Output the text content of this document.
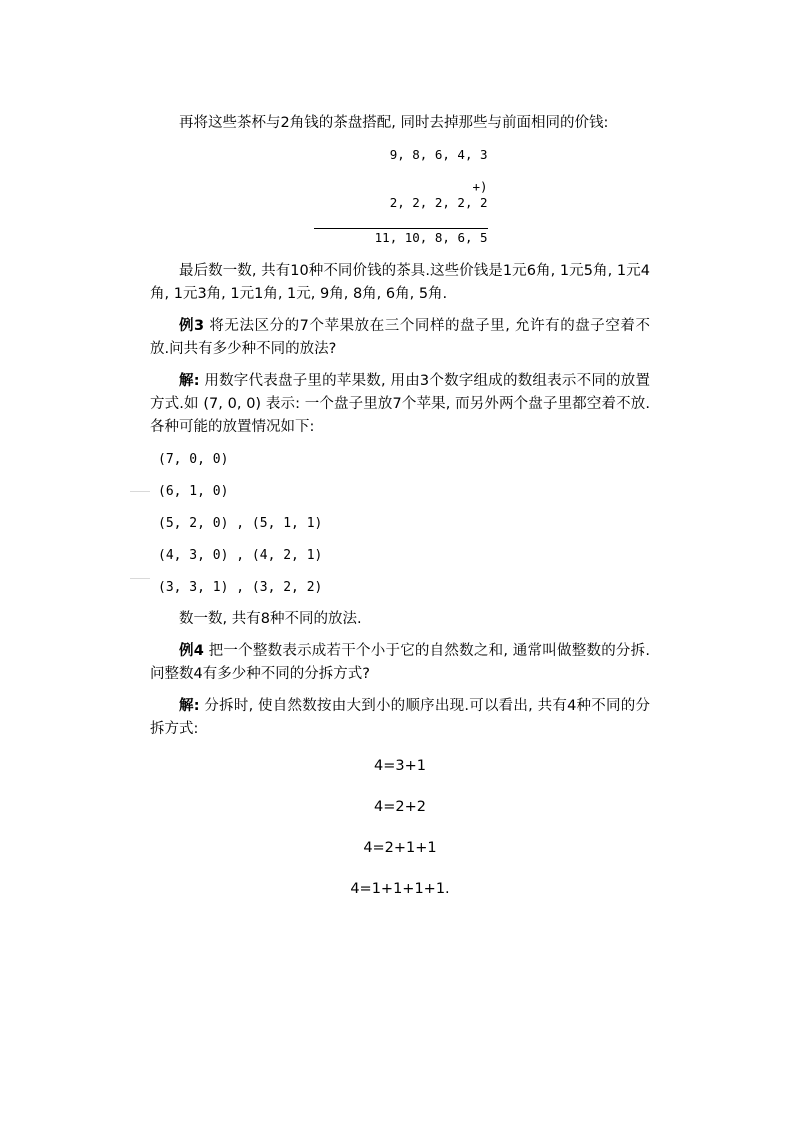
再将这些茶杯与2角钱的茶盘搭配, 同时去掉那些与前面相同的价钱:

9, 8, 6, 4, 3

+)
2, 2, 2, 2, 2

11, 10, 8, 6, 5

最后数一数, 共有10种不同价钱的茶具.这些价钱是1元6角, 1元5角, 1元4角, 1元3角, 1元1角, 1元, 9角, 8角, 6角, 5角.

例3 将无法区分的7个苹果放在三个同样的盘子里, 允许有的盘子空着不放.问共有多少种不同的放法?

解: 用数字代表盘子里的苹果数, 用由3个数字组成的数组表示不同的放置方式.如 (7, 0, 0) 表示: 一个盘子里放7个苹果, 而另外两个盘子里都空着不放.各种可能的放置情况如下:

(7, 0, 0)
(6, 1, 0)
(5, 2, 0) , (5, 1, 1)
(4, 3, 0) , (4, 2, 1)
(3, 3, 1) , (3, 2, 2)

数一数, 共有8种不同的放法.

例4 把一个整数表示成若干个小于它的自然数之和, 通常叫做整数的分拆.问整数4有多少种不同的分拆方式?

解: 分拆时, 使自然数按由大到小的顺序出现.可以看出, 共有4种不同的分拆方式:

4=3+1
4=2+2
4=2+1+1
4=1+1+1+1.
